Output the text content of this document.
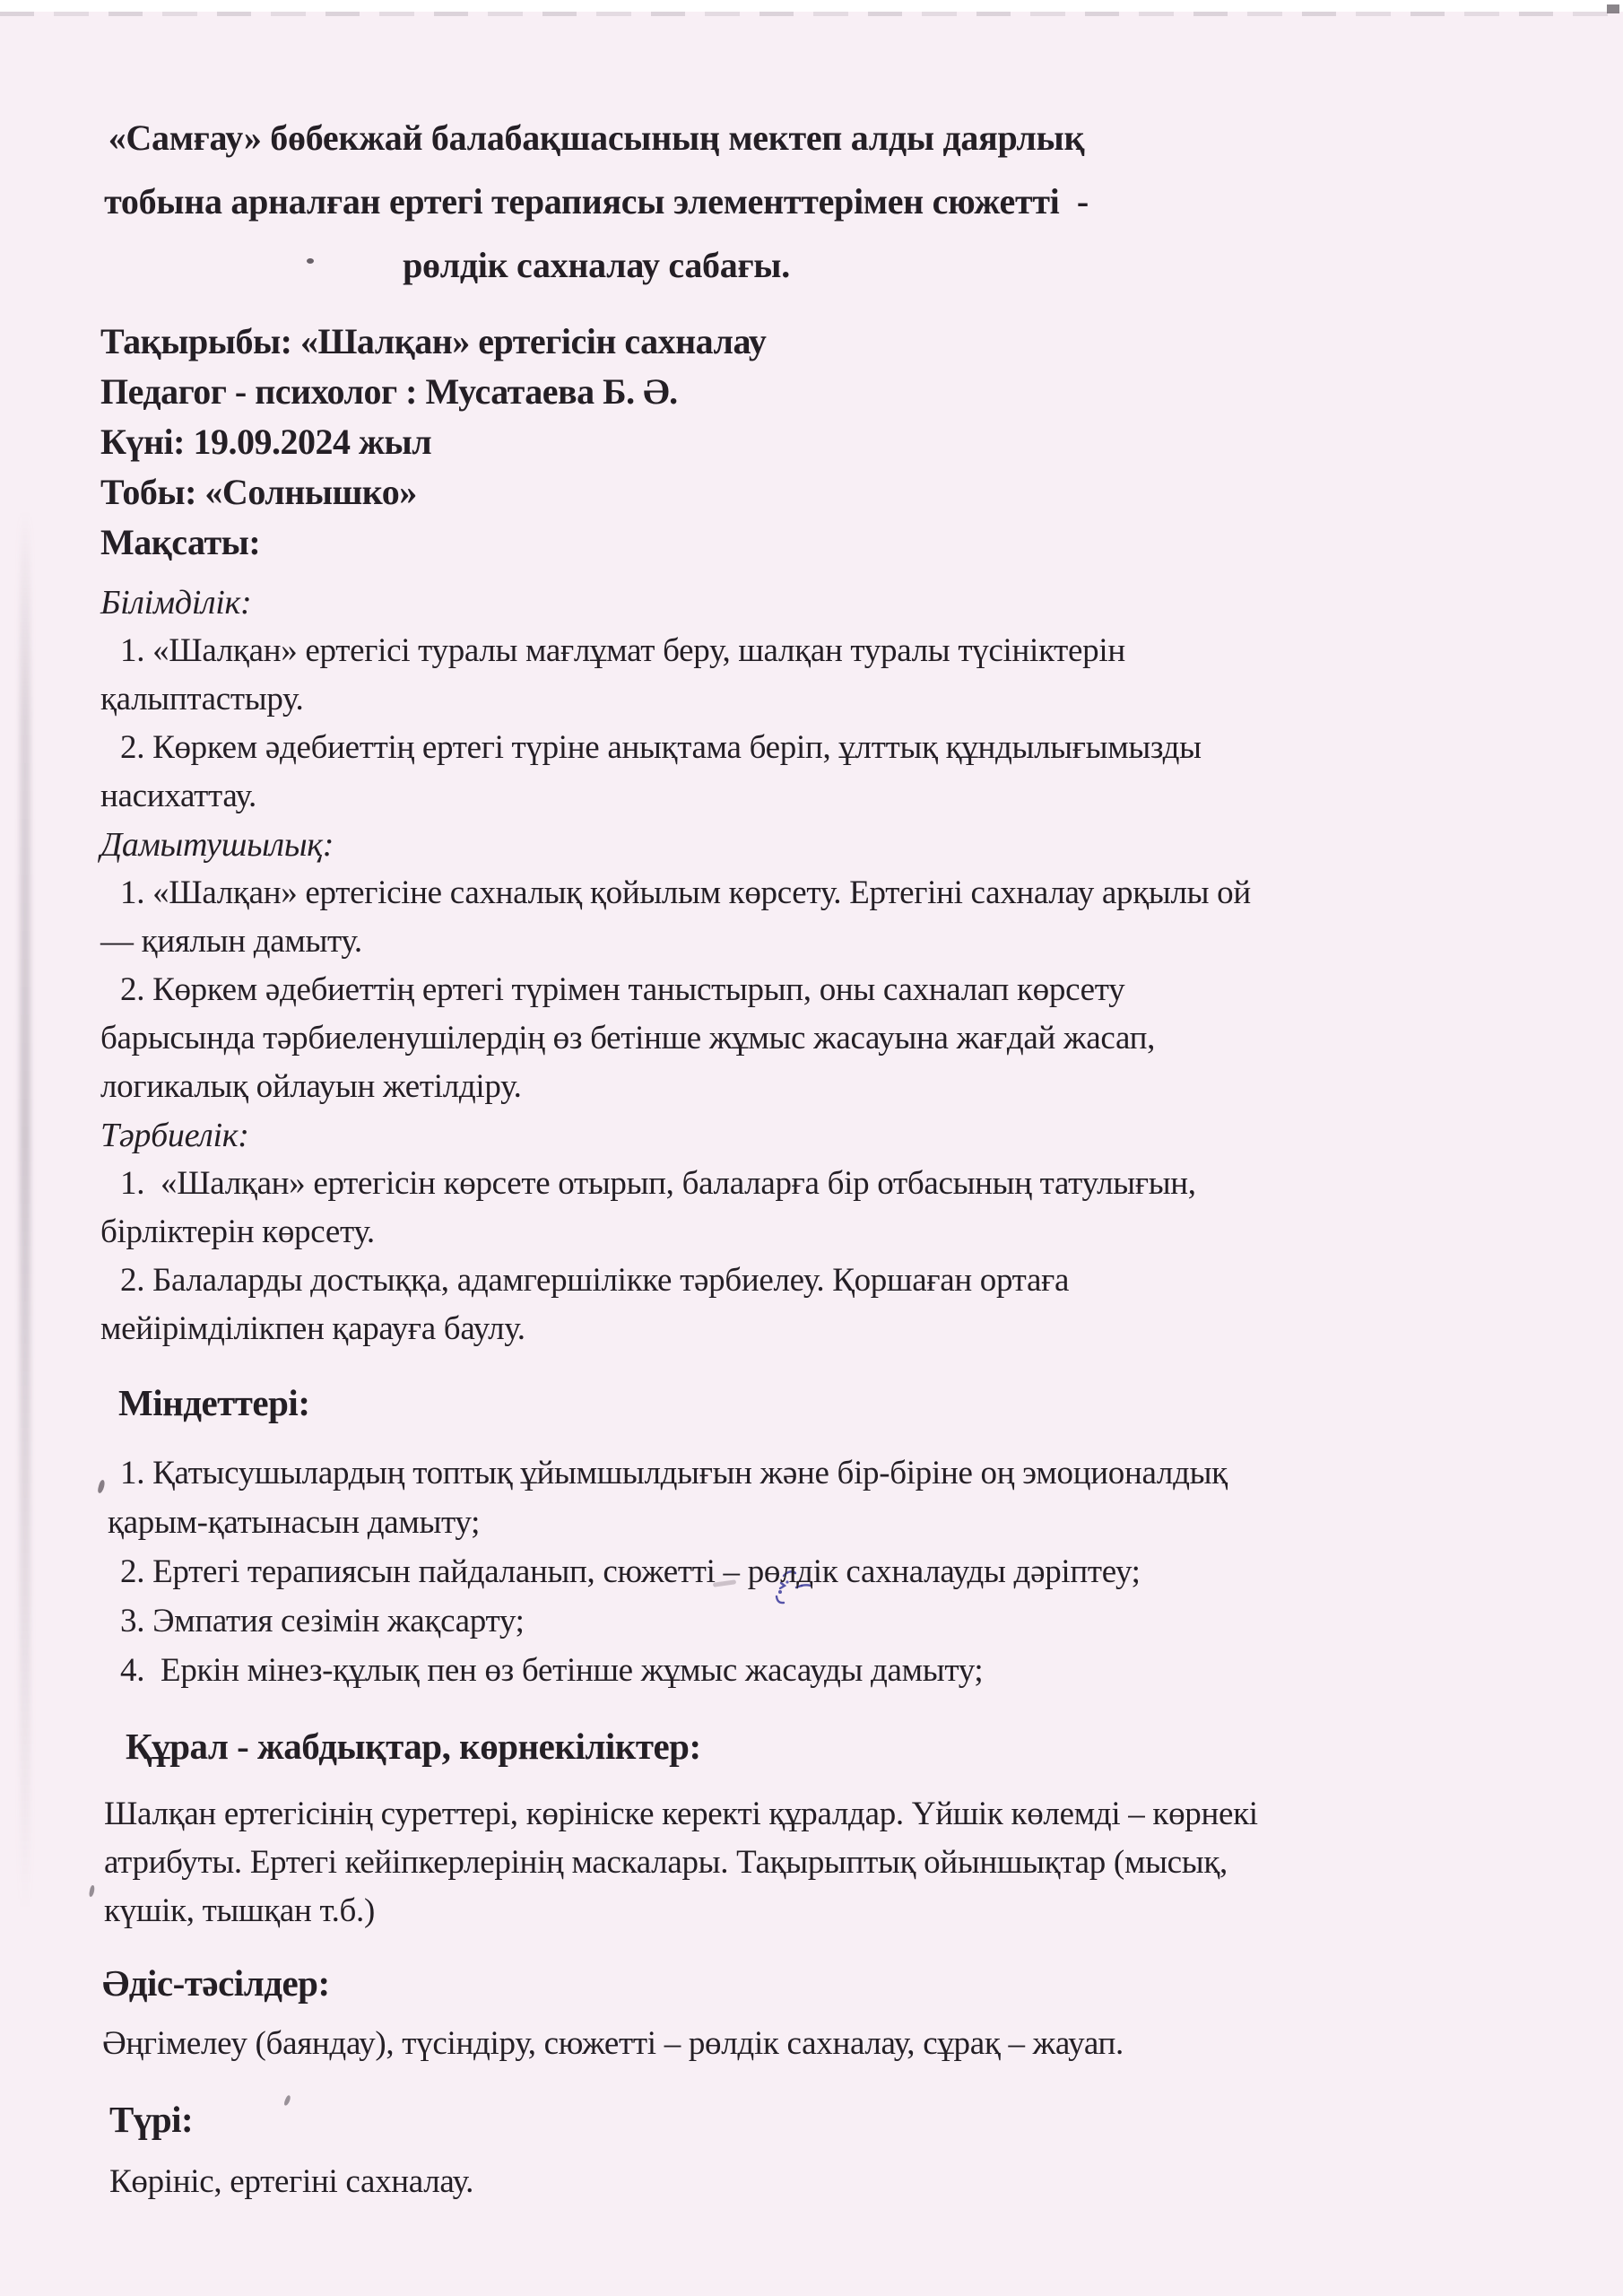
«Самғау» бөбекжай балабақшасының мектеп алды даярлық
тобына арналған ертегі терапиясы элементтерімен сюжетті  -
рөлдік сахналау сабағы.
Тақырыбы: «Шалқан» ертегісін сахналау
Педагог - психолог : Мусатаева Б. Ә.
Күні: 19.09.2024 жыл
Тобы: «Солнышко»
Мақсаты:
Білімділік:
1. «Шалқан» ертегісі туралы мағлұмат беру, шалқан туралы түсініктерін
қалыптастыру.
2. Көркем әдебиеттің ертегі түріне анықтама беріп, ұлттық құндылығымызды
насихаттау.
Дамытушылық:
1. «Шалқан» ертегісіне сахналық қойылым көрсету. Ертегіні сахналау арқылы ой
— қиялын дамыту.
2. Көркем әдебиеттің ертегі түрімен таныстырып, оны сахналап көрсету
барысында тәрбиеленушілердің өз бетінше жұмыс жасауына жағдай жасап,
логикалық ойлауын жетілдіру.
Тәрбиелік:
1.  «Шалқан» ертегісін көрсете отырып, балаларға бір отбасының татулығын,
бірліктерін көрсету.
2. Балаларды достыққа, адамгершілікке тәрбиелеу. Қоршаған ортаға
мейірімділікпен қарауға баулу.
Міндеттері:
1. Қатысушылардың топтық ұйымшылдығын және бір-біріне оң эмоционалдық
қарым-қатынасын дамыту;
2. Ертегі терапиясын пайдаланып, сюжетті – рөлдік сахналауды дәріптеу;
3. Эмпатия сезімін жақсарту;
4.  Еркін мінез-құлық пен өз бетінше жұмыс жасауды дамыту;
Құрал - жабдықтар, көрнекіліктер:
Шалқан ертегісінің суреттері, көрініске керекті құралдар. Үйшік көлемді – көрнекі
атрибуты. Ертегі кейіпкерлерінің маскалары. Тақырыптық ойыншықтар (мысық,
күшік, тышқан т.б.)
Әдіс-тәсілдер:
Әңгімелеу (баяндау), түсіндіру, сюжетті – рөлдік сахналау, сұрақ – жауап.
Түрі:
Көрініс, ертегіні сахналау.
